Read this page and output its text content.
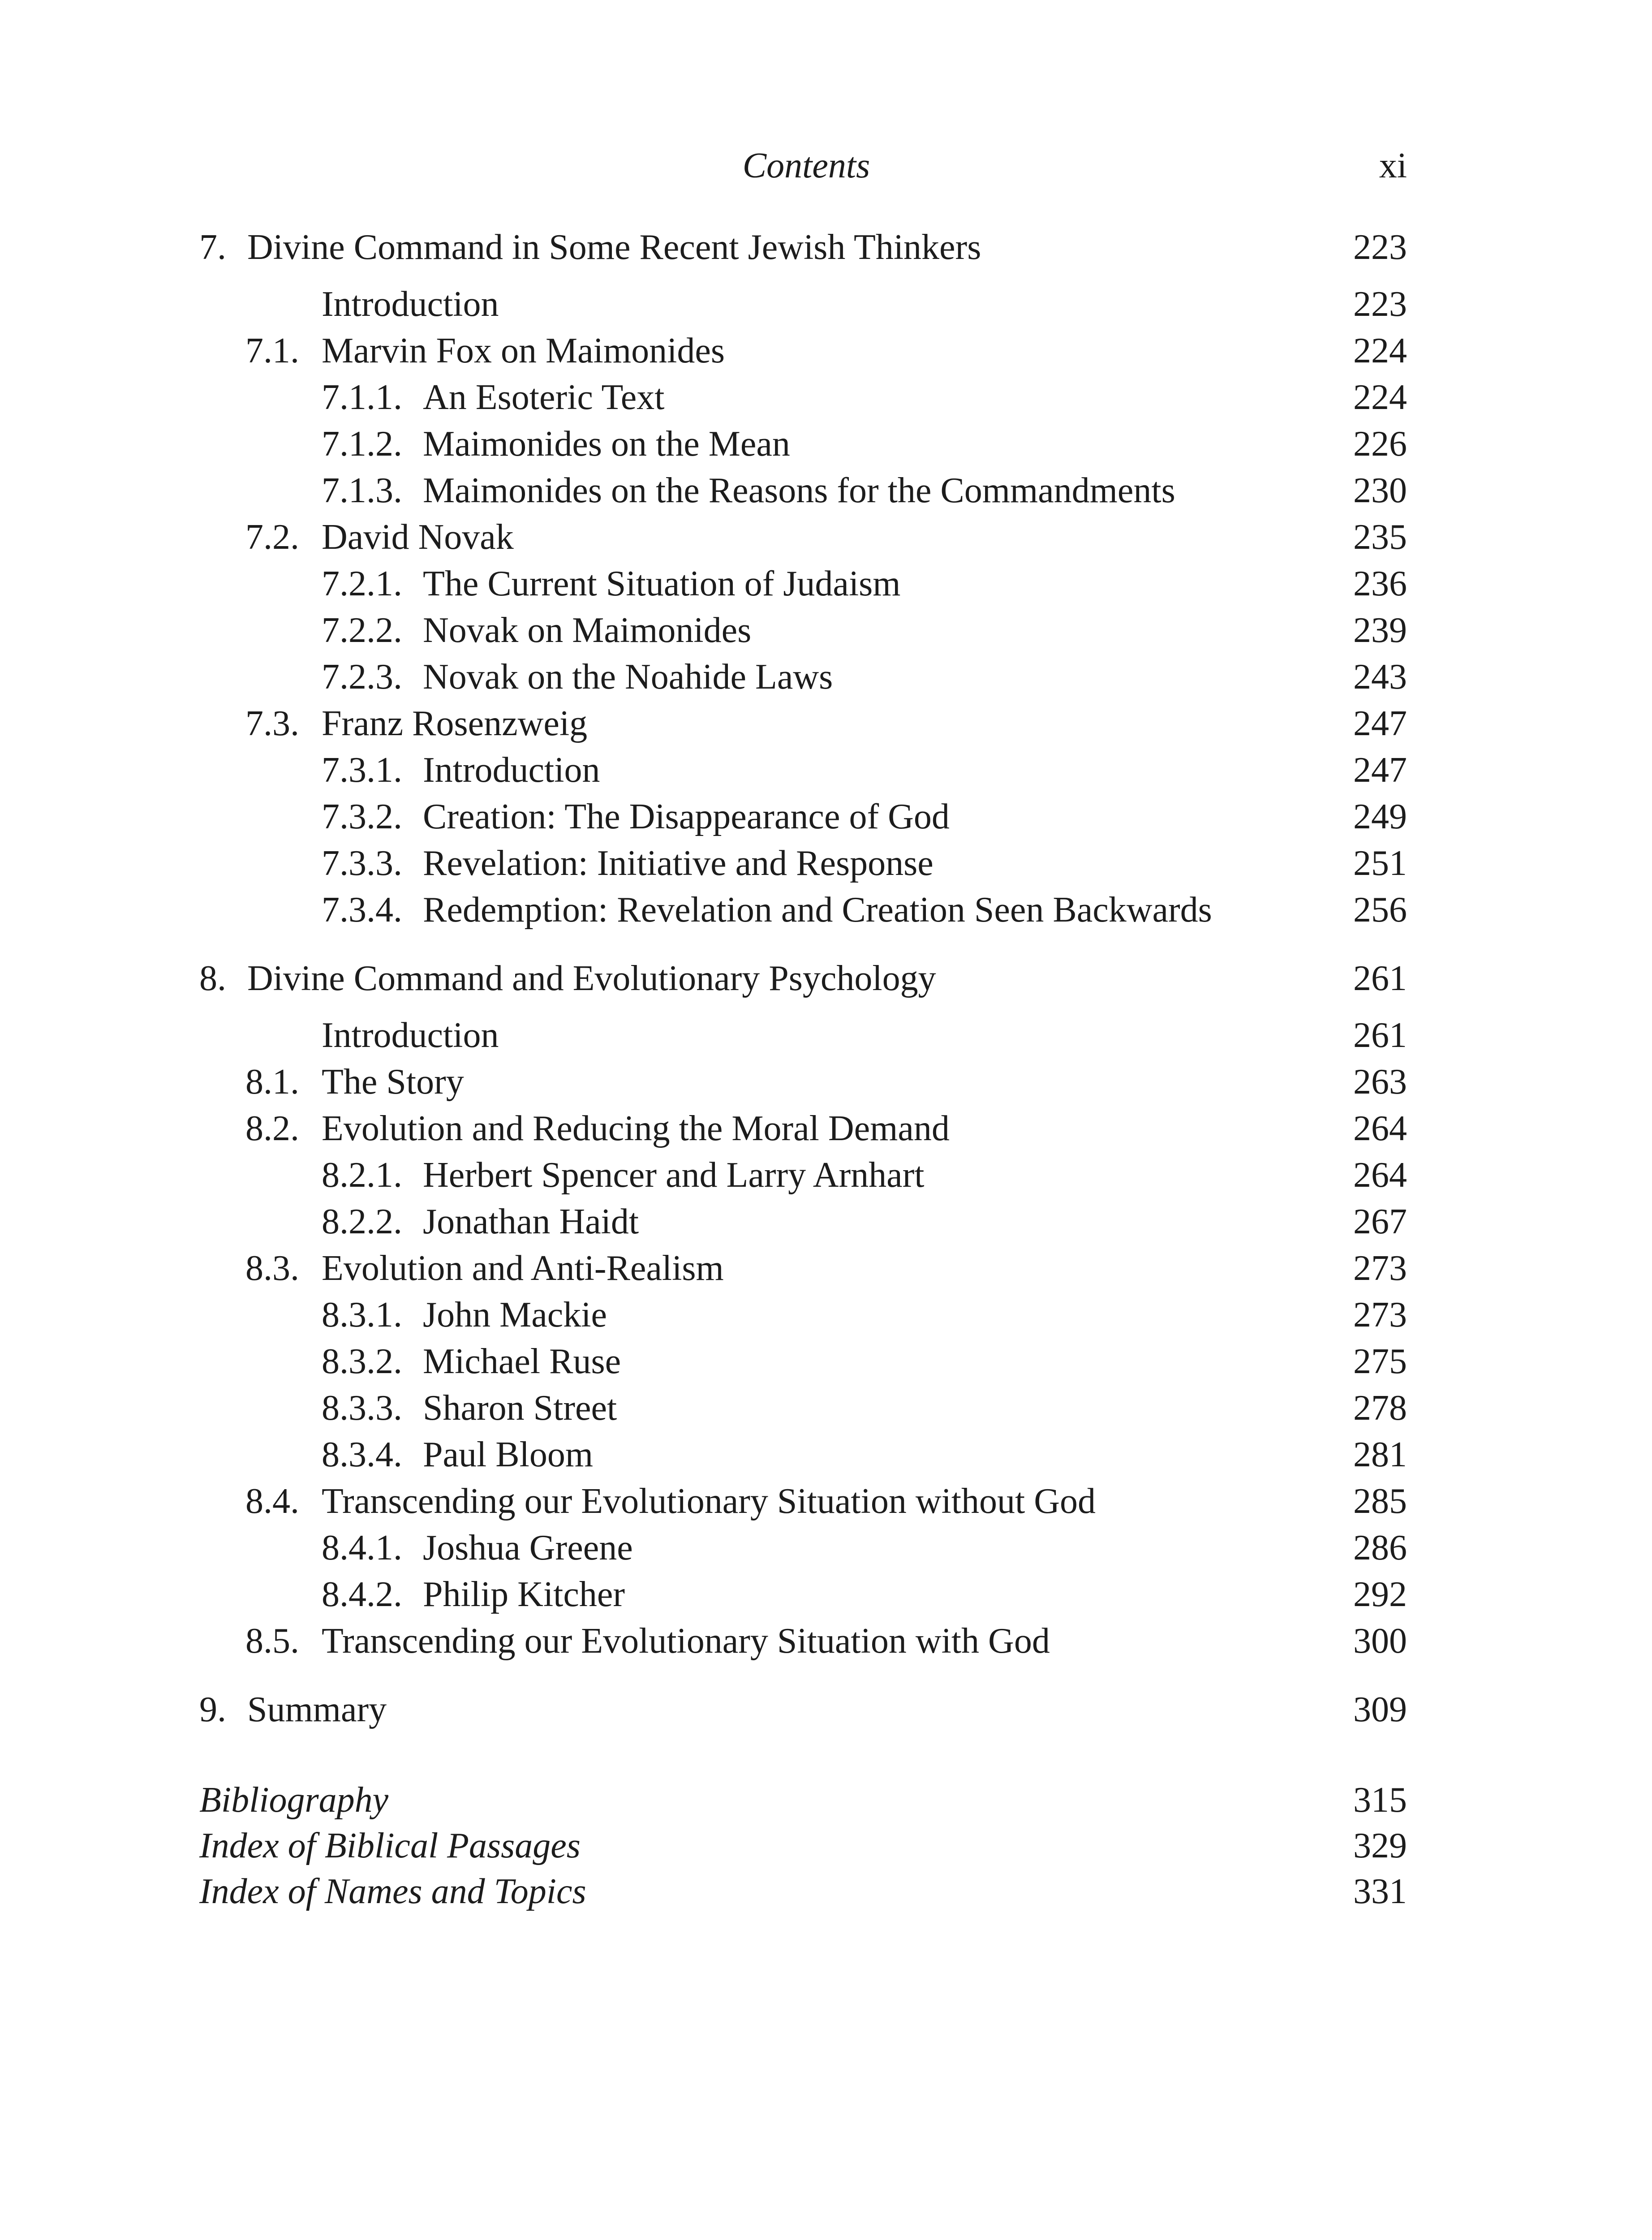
Contents	xi
7. Divine Command in Some Recent Jewish Thinkers	223
Introduction	223
7.1. Marvin Fox on Maimonides	224
7.1.1. An Esoteric Text	224
7.1.2. Maimonides on the Mean	226
7.1.3. Maimonides on the Reasons for the Commandments	230
7.2. David Novak	235
7.2.1. The Current Situation of Judaism	236
7.2.2. Novak on Maimonides	239
7.2.3. Novak on the Noahide Laws	243
7.3. Franz Rosenzweig	247
7.3.1. Introduction	247
7.3.2. Creation: The Disappearance of God	249
7.3.3. Revelation: Initiative and Response	251
7.3.4. Redemption: Revelation and Creation Seen Backwards	256
8. Divine Command and Evolutionary Psychology	261
Introduction	261
8.1. The Story	263
8.2. Evolution and Reducing the Moral Demand	264
8.2.1. Herbert Spencer and Larry Arnhart	264
8.2.2. Jonathan Haidt	267
8.3. Evolution and Anti-Realism	273
8.3.1. John Mackie	273
8.3.2. Michael Ruse	275
8.3.3. Sharon Street	278
8.3.4. Paul Bloom	281
8.4. Transcending our Evolutionary Situation without God	285
8.4.1. Joshua Greene	286
8.4.2. Philip Kitcher	292
8.5. Transcending our Evolutionary Situation with God	300
9. Summary	309
Bibliography	315
Index of Biblical Passages	329
Index of Names and Topics	331
